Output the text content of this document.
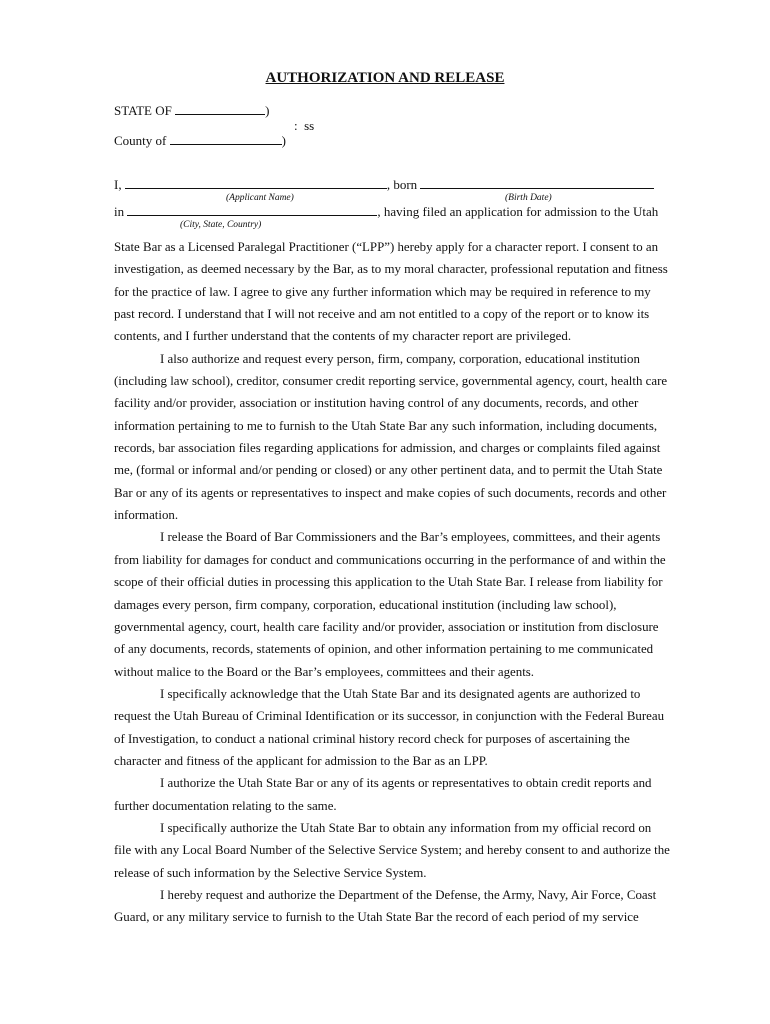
AUTHORIZATION AND RELEASE
STATE OF	)
:  ss
County of	)
I,	, born
(Applicant Name)	(Birth Date)
in	, having filed an application for admission to the Utah
(City, State, Country)

State Bar as a Licensed Paralegal Practitioner (“LPP”) hereby apply for a character report. I consent to an
investigation, as deemed necessary by the Bar, as to my moral character, professional reputation and fitness
for the practice of law. I agree to give any further information which may be required in reference to my
past record. I understand that I will not receive and am not entitled to a copy of the report or to know its
contents, and I further understand that the contents of my character report are privileged.

I also authorize and request every person, firm, company, corporation, educational institution
(including law school), creditor, consumer credit reporting service, governmental agency, court, health care
facility and/or provider, association or institution having control of any documents, records, and other
information pertaining to me to furnish to the Utah State Bar any such information, including documents,
records, bar association files regarding applications for admission, and charges or complaints filed against
me, (formal or informal and/or pending or closed) or any other pertinent data, and to permit the Utah State
Bar or any of its agents or representatives to inspect and make copies of such documents, records and other
information.

I release the Board of Bar Commissioners and the Bar’s employees, committees, and their agents
from liability for damages for conduct and communications occurring in the performance of and within the
scope of their official duties in processing this application to the Utah State Bar. I release from liability for
damages every person, firm company, corporation, educational institution (including law school),
governmental agency, court, health care facility and/or provider, association or institution from disclosure
of any documents, records, statements of opinion, and other information pertaining to me communicated
without malice to the Board or the Bar’s employees, committees and their agents.

I specifically acknowledge that the Utah State Bar and its designated agents are authorized to
request the Utah Bureau of Criminal Identification or its successor, in conjunction with the Federal Bureau
of Investigation, to conduct a national criminal history record check for purposes of ascertaining the
character and fitness of the applicant for admission to the Bar as an LPP.

I authorize the Utah State Bar or any of its agents or representatives to obtain credit reports and
further documentation relating to the same.

I specifically authorize the Utah State Bar to obtain any information from my official record on
file with any Local Board Number of the Selective Service System; and hereby consent to and authorize the
release of such information by the Selective Service System.

I hereby request and authorize the Department of the Defense, the Army, Navy, Air Force, Coast
Guard, or any military service to furnish to the Utah State Bar the record of each period of my service
